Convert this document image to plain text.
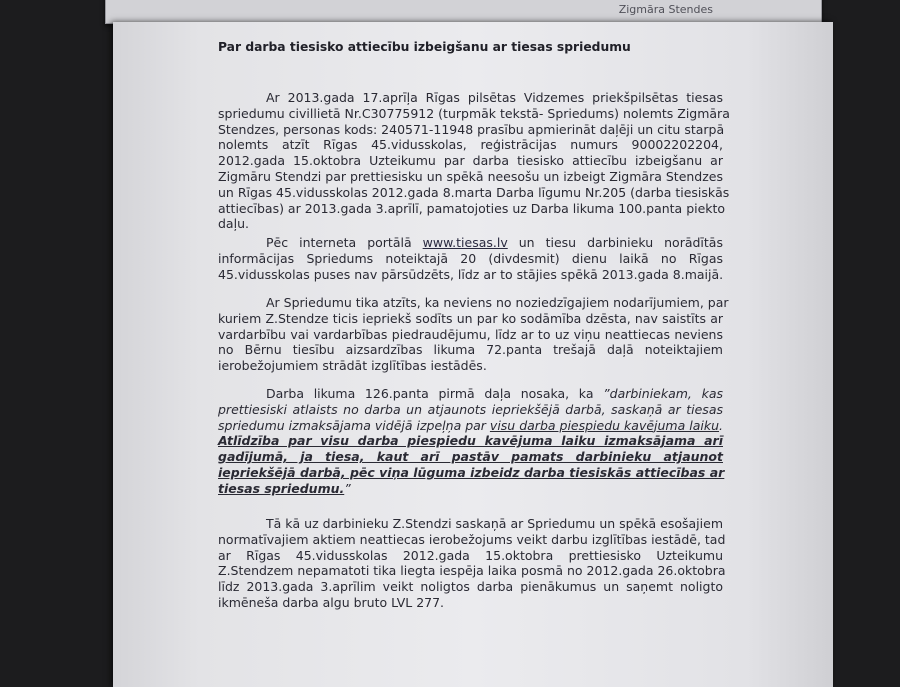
Zigmāra Stendes
Par darba tiesisko attiecību izbeigšanu ar tiesas spriedumu
Ar 2013.gada 17.aprīļa Rīgas pilsētas Vidzemes priekšpilsētas tiesas
spriedumu civillietā Nr.C30775912 (turpmāk tekstā- Spriedums) nolemts Zigmāra
Stendzes, personas kods: 240571-11948 prasību apmierināt daļēji un citu starpā
nolemts atzīt Rīgas 45.vidusskolas, reģistrācijas numurs 90002202204,
2012.gada 15.oktobra Uzteikumu par darba tiesisko attiecību izbeigšanu ar
Zigmāru Stendzi par prettiesisku un spēkā neesošu un izbeigt Zigmāra Stendzes
un Rīgas 45.vidusskolas 2012.gada 8.marta Darba līgumu Nr.205 (darba tiesiskās
attiecības) ar 2013.gada 3.aprīlī, pamatojoties uz Darba likuma 100.panta piekto
daļu.
Pēc interneta portālā www.tiesas.lv un tiesu darbinieku norādītās
informācijas Spriedums noteiktajā 20 (divdesmit) dienu laikā no Rīgas
45.vidusskolas puses nav pārsūdzēts, līdz ar to stājies spēkā 2013.gada 8.maijā.
Ar Spriedumu tika atzīts, ka neviens no noziedzīgajiem nodarījumiem, par
kuriem Z.Stendze ticis iepriekš sodīts un par ko sodāmība dzēsta, nav saistīts ar
vardarbību vai vardarbības piedraudējumu, līdz ar to uz viņu neattiecas neviens
no Bērnu tiesību aizsardzības likuma 72.panta trešajā daļā noteiktajiem
ierobežojumiem strādāt izglītības iestādēs.
Darba likuma 126.panta pirmā daļa nosaka, ka ”darbiniekam, kas
prettiesiski atlaists no darba un atjaunots iepriekšējā darbā, saskaņā ar tiesas
spriedumu izmaksājama vidējā izpeļņa par visu darba piespiedu kavējuma laiku.
Atlīdzība par visu darba piespiedu kavējuma laiku izmaksājama arī
gadījumā, ja tiesa, kaut arī pastāv pamats darbinieku atjaunot
iepriekšējā darbā, pēc viņa lūguma izbeidz darba tiesiskās attiecības ar
tiesas spriedumu.”
Tā kā uz darbinieku Z.Stendzi saskaņā ar Spriedumu un spēkā esošajiem
normatīvajiem aktiem neattiecas ierobežojums veikt darbu izglītības iestādē, tad
ar Rīgas 45.vidusskolas 2012.gada 15.oktobra prettiesisko Uzteikumu
Z.Stendzem nepamatoti tika liegta iespēja laika posmā no 2012.gada 26.oktobra
līdz 2013.gada 3.aprīlim veikt noligtos darba pienākumus un saņemt noligto
ikmēneša darba algu bruto LVL 277.
